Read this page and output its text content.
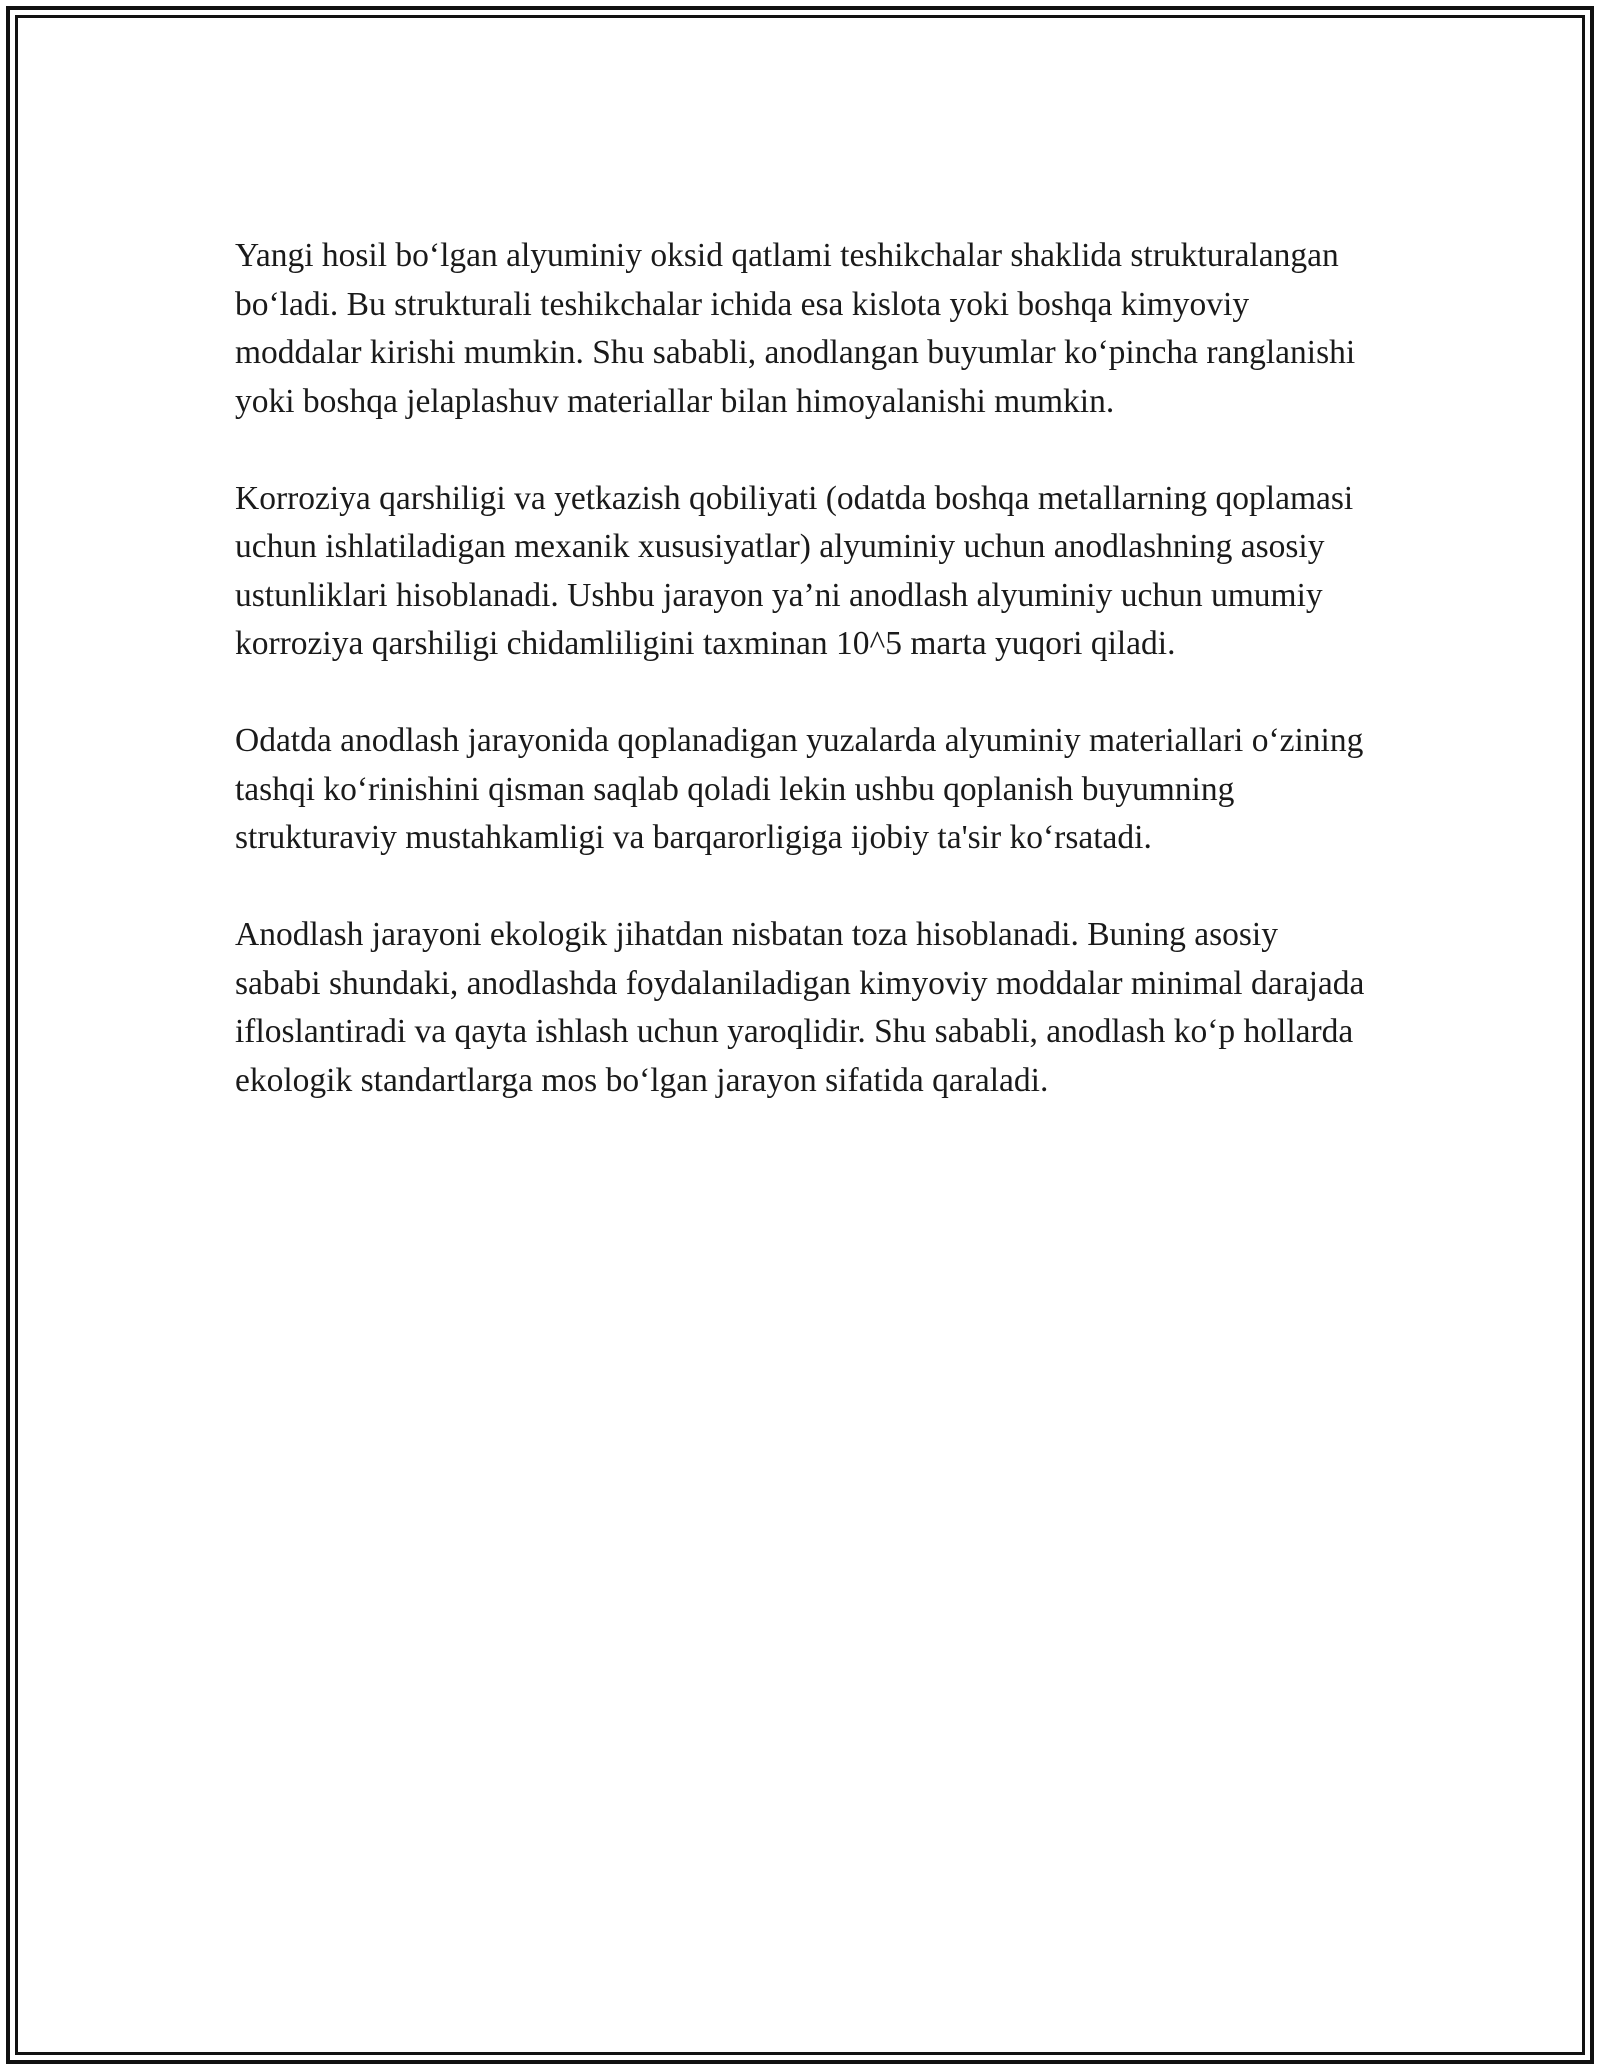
Yangi hosil bo‘lgan alyuminiy oksid qatlami teshikchalar shaklida strukturalangan bo‘ladi. Bu strukturali teshikchalar ichida esa kislota yoki boshqa kimyoviy moddalar kirishi mumkin. Shu sababli, anodlangan buyumlar ko‘pincha ranglanishi yoki boshqa jelaplashuv materiallar bilan himoyalanishi mumkin.

Korroziya qarshiligi va yetkazish qobiliyati (odatda boshqa metallarning qoplamasi uchun ishlatiladigan mexanik xususiyatlar) alyuminiy uchun anodlashning asosiy ustunliklari hisoblanadi. Ushbu jarayon ya’ni anodlash alyuminiy uchun umumiy korroziya qarshiligi chidamliligini taxminan 10^5 marta yuqori qiladi.

Odatda anodlash jarayonida qoplanadigan yuzalarda alyuminiy materiallari o‘zining tashqi ko‘rinishini qisman saqlab qoladi lekin ushbu qoplanish buyumning strukturaviy mustahkamligi va barqarorligiga ijobiy ta'sir ko‘rsatadi.

Anodlash jarayoni ekologik jihatdan nisbatan toza hisoblanadi. Buning asosiy sababi shundaki, anodlashda foydalaniladigan kimyoviy moddalar minimal darajada ifloslantiradi va qayta ishlash uchun yaroqlidir. Shu sababli, anodlash ko‘p hollarda ekologik standartlarga mos bo‘lgan jarayon sifatida qaraladi.
